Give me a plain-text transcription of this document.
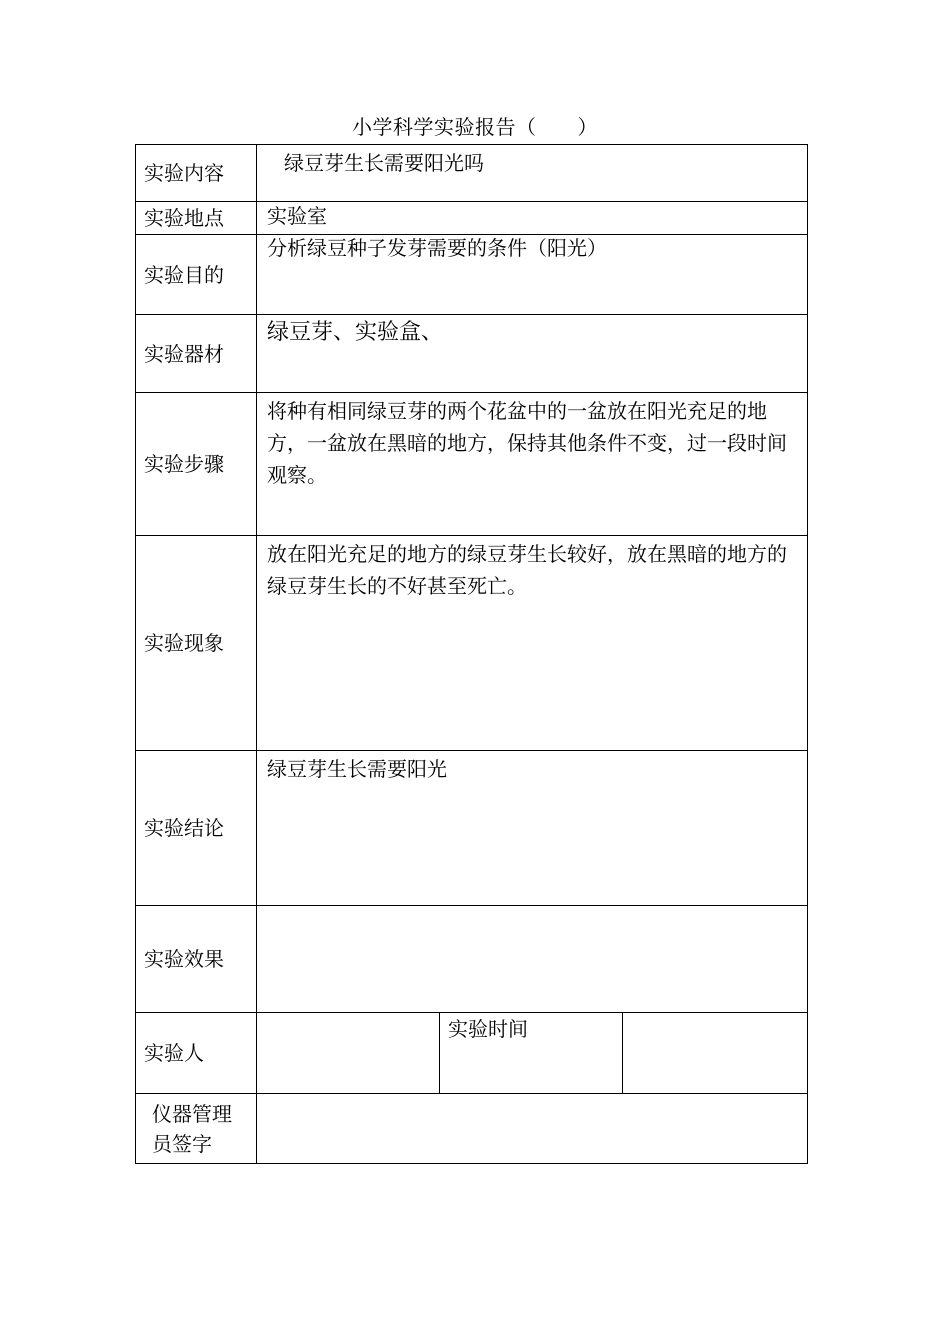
小学科学实验报告（　　）
实验内容	绿豆芽生长需要阳光吗		
实验地点	实验室		
实验目的	分析绿豆种子发芽需要的条件（阳光）		
实验器材	绿豆芽、实验盒、		
实验步骤	将种有相同绿豆芽的两个花盆中的一盆放在阳光充足的地方，一盆放在黑暗的地方，保持其他条件不变，过一段时间观察。		
实验现象	放在阳光充足的地方的绿豆芽生长较好，放在黑暗的地方的绿豆芽生长的不好甚至死亡。		
实验结论	绿豆芽生长需要阳光		
实验效果			
实验人		实验时间	

仪器管理
员签字			
